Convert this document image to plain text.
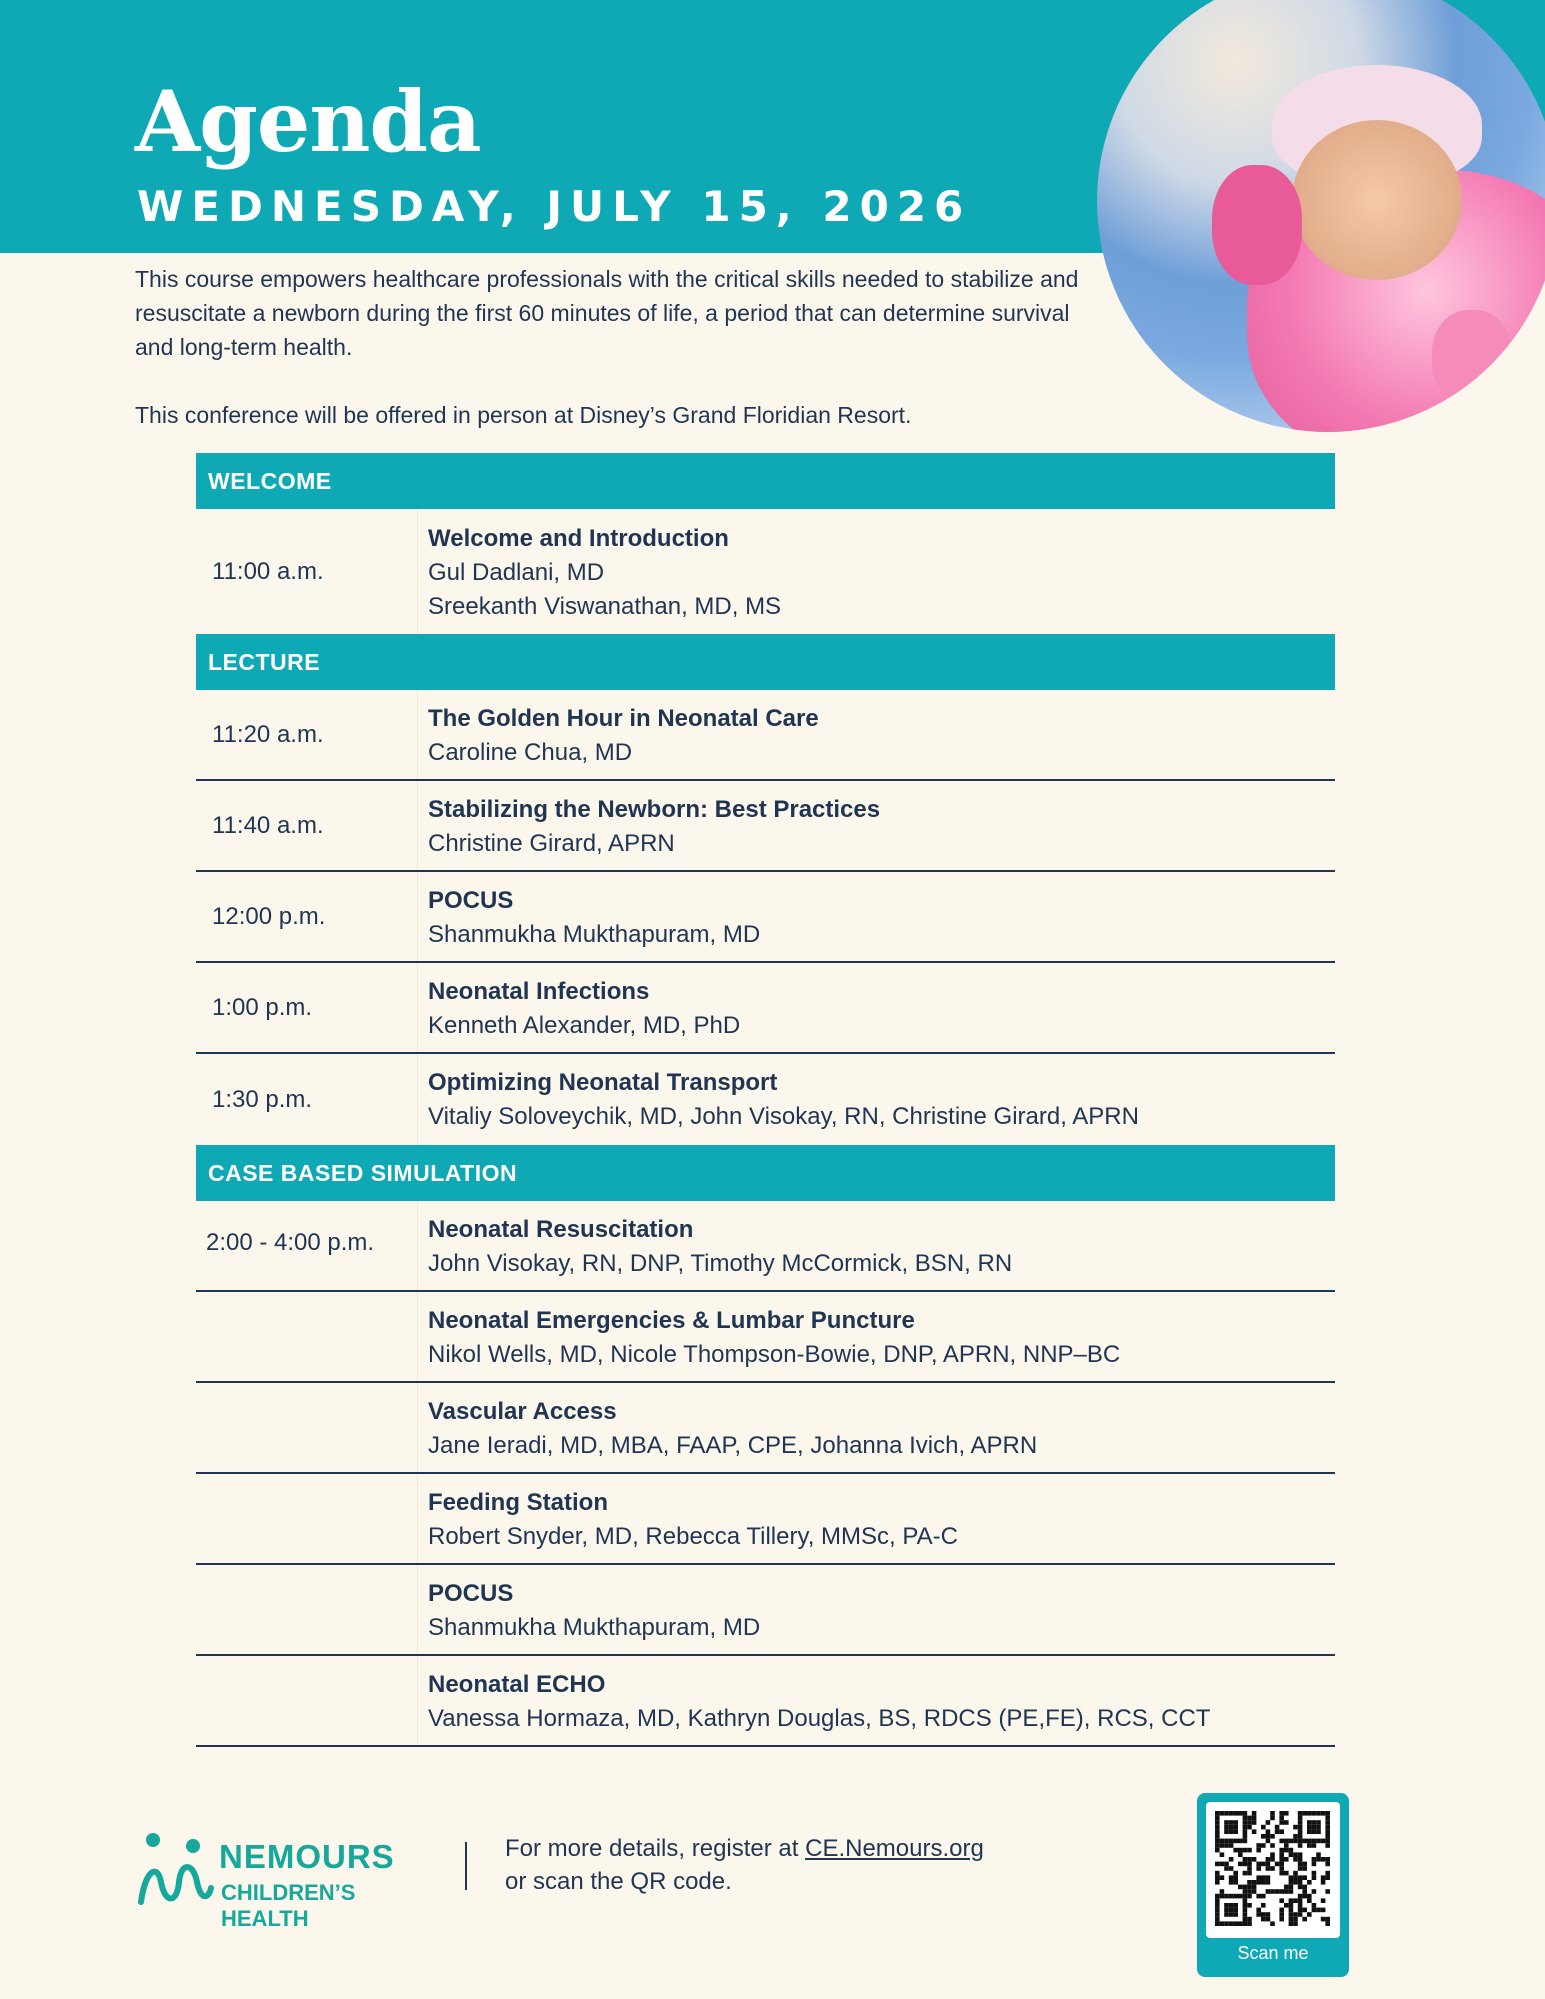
Agenda
WEDNESDAY, JULY 15, 2026

This course empowers healthcare professionals with the critical skills needed to stabilize and resuscitate a newborn during the first 60 minutes of life, a period that can determine survival and long-term health.

This conference will be offered in person at Disney’s Grand Floridian Resort.

WELCOME
11:00 a.m.
Welcome and Introduction
Gul Dadlani, MD
Sreekanth Viswanathan, MD, MS
LECTURE
11:20 a.m.
The Golden Hour in Neonatal Care
Caroline Chua, MD
11:40 a.m.
Stabilizing the Newborn: Best Practices
Christine Girard, APRN
12:00 p.m.
POCUS
Shanmukha Mukthapuram, MD
1:00 p.m.
Neonatal Infections
Kenneth Alexander, MD, PhD
1:30 p.m.
Optimizing Neonatal Transport
Vitaliy Soloveychik, MD, John Visokay, RN, Christine Girard, APRN
CASE BASED SIMULATION
2:00 - 4:00 p.m.	Neonatal Resuscitation
John Visokay, RN, DNP, Timothy McCormick, BSN, RN
Neonatal Emergencies & Lumbar Puncture
Nikol Wells, MD, Nicole Thompson-Bowie, DNP, APRN, NNP–BC
Vascular Access
Jane Ieradi, MD, MBA, FAAP, CPE, Johanna Ivich, APRN
Feeding Station
Robert Snyder, MD, Rebecca Tillery, MMSc, PA-C
POCUS
Shanmukha Mukthapuram, MD
Neonatal ECHO
Vanessa Hormaza, MD, Kathryn Douglas, BS, RDCS (PE,FE), RCS, CCT
NEMOURS
CHILDREN’S HEALTH
For more details, register at CE.Nemours.org
or scan the QR code.
Scan me
